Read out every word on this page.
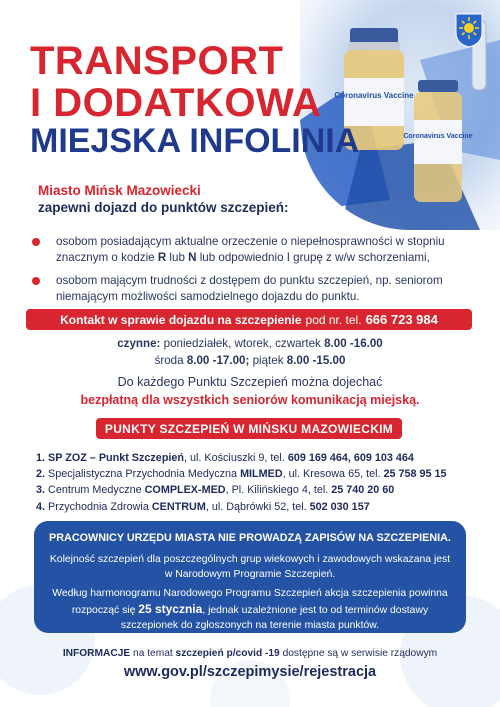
Coronavirus Vaccine
Coronavirus Vaccine
TRANSPORT
I DODATKOWA
MIEJSKA INFOLINIA
Miasto Mińsk Mazowiecki
zapewni dojazd do punktów szczepień:
osobom posiadającym aktualne orzeczenie o niepełnosprawności w stopniu znacznym o kodzie R lub N lub odpowiednio I grupę z w/w schorzeniami,
osobom mającym trudności z dostępem do punktu szczepień, np. seniorom niemającym możliwości samodzielnego dojazdu do punktu.
Kontakt w sprawie dojazdu na szczepienie pod nr. tel. 666 723 984
czynne: poniedziałek, wtorek, czwartek 8.00 -16.00
środa 8.00 -17.00; piątek 8.00 -15.00
Do każdego Punktu Szczepień można dojechać
bezpłatną dla wszystkich seniorów komunikacją miejską.
PUNKTY SZCZEPIEŃ W MIŃSKU MAZOWIECKIM
1. SP ZOZ – Punkt Szczepień, ul. Kościuszki 9, tel. 609 169 464, 609 103 464
2. Specjalistyczna Przychodnia Medyczna MILMED, ul. Kresowa 65, tel. 25 758 95 15
3. Centrum Medyczne COMPLEX-MED, Pl. Kilińskiego 4, tel. 25 740 20 60
4. Przychodnia Zdrowia CENTRUM, ul. Dąbrówki 52, tel. 502 030 157
PRACOWNICY URZĘDU MIASTA NIE PROWADZĄ ZAPISÓW NA SZCZEPIENIA.
Kolejność szczepień dla poszczególnych grup wiekowych i zawodowych wskazana jest w Narodowym Programie Szczepień.
Według harmonogramu Narodowego Programu Szczepień akcja szczepienia powinna rozpocząć się 25 stycznia, jednak uzależnione jest to od terminów dostawy szczepionek do zgłoszonych na terenie miasta punktów.
INFORMACJE na temat szczepień p/covid -19 dostępne są w serwisie rządowym
www.gov.pl/szczepimysie/rejestracja
